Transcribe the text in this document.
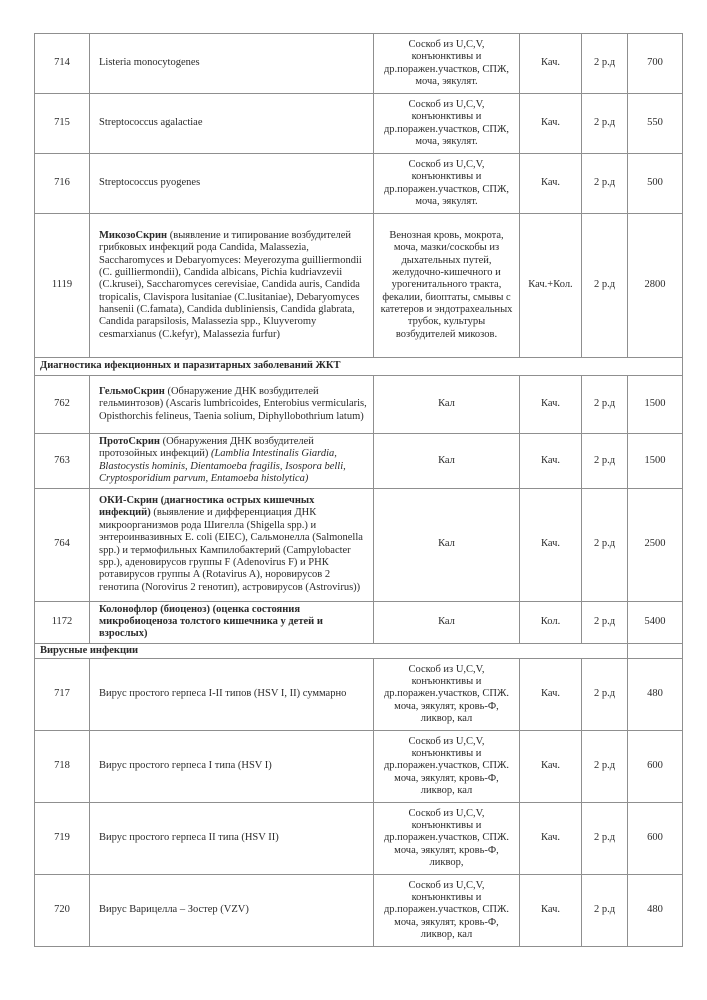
714	Listeria monocytogenes	Соскоб из U,C,V, конъюнктивы и др.поражен.участков, СПЖ, моча, эякулят.	Кач.	2 р.д	700
715	Streptococcus agalactiae	Соскоб из U,C,V, конъюнктивы и др.поражен.участков, СПЖ, моча, эякулят.	Кач.	2 р.д	550
716	Streptococcus pyogenes	Соскоб из U,C,V, конъюнктивы и др.поражен.участков, СПЖ, моча, эякулят.	Кач.	2 р.д	500
1119	МикозоСкрин (выявление и типирование возбудителей грибковых инфекций рода Candida, Malassezia, Saccharomyces и Debaryomyces: Meyerozyma guilliermondii (C. guilliermondii), Candida albicans, Pichia kudriavzevii (C.krusei), Saccharomyces cerevisiae, Candida auris, Candida tropicalis, Clavispora lusitaniae (C.lusitaniae), Debaryomyces hansenii (C.famata), Candida dubliniensis, Candida glabrata, Candida parapsilosis, Malassezia spp., Kluyveromy cesmarxianus (C.kefyr), Malassezia furfur)	Венозная кровь, мокрота, моча, мазки/соскобы из дыхательных путей, желудочно-кишечного и урогенитального тракта, фекалии, биоптаты, смывы с катетеров и эндотрахеальных трубок, культуры возбудителей микозов.	Кач.+Кол.	2 р.д	2800
Диагностика ифекционных и паразитарных заболеваний ЖКТ					
762	ГельмоСкрин (Обнаружение ДНК возбудителей гельминтозов) (Ascaris lumbricoides, Enterobius vermicularis, Opisthorchis felineus, Taenia solium, Diphyllobothrium latum)	Кал	Кач.	2 р.д	1500
763	ПротоСкрин (Обнаружения ДНК возбудителей протозойных инфекций) (Lamblia Intestinalis Giardia, Blastocystis hominis, Dientamoeba fragilis, Isospora belli, Cryptosporidium parvum, Entamoeba histolytica)	Кал	Кач.	2 р.д	1500
764	ОКИ-Скрин (диагностика острых кишечных инфекций) (выявление и дифференциация ДНК микроорганизмов рода Шигелла (Shigella spp.) и энтероинвазивных E. coli (EIEC), Сальмонелла (Salmonella spp.) и термофильных Кампилобактерий (Campylobacter spp.), аденовирусов группы F (Adenovirus F) и РНК ротавирусов группы A (Rotavirus A), норовирусов 2 генотипа (Norovirus 2 генотип), астровирусов (Astrovirus))	Кал	Кач.	2 р.д	2500
1172	Колонофлор (биоценоз) (оценка состояния микробиоценоза толстого кишечника у детей и взрослых)	Кал	Кол.	2 р.д	5400
Вирусные инфекции					
717	Вирус простого герпеса I-II типов (HSV I, II) суммарно	Соскоб из U,C,V, конъюнктивы и др.поражен.участков, СПЖ. моча, эякулят, кровь-Ф, ликвор, кал	Кач.	2 р.д	480
718	Вирус простого герпеса I типа (HSV I)	Соскоб из U,C,V, конъюнктивы и др.поражен.участков, СПЖ. моча, эякулят, кровь-Ф, ликвор, кал	Кач.	2 р.д	600
719	Вирус простого герпеса II типа (HSV II)	Соскоб из U,C,V, конъюнктивы и др.поражен.участков, СПЖ. моча, эякулят, кровь-Ф, ликвор,	Кач.	2 р.д	600
720	Вирус Варицелла – Зостер (VZV)	Соскоб из U,C,V, конъюнктивы и др.поражен.участков, СПЖ. моча, эякулят, кровь-Ф, ликвор, кал	Кач.	2 р.д	480
